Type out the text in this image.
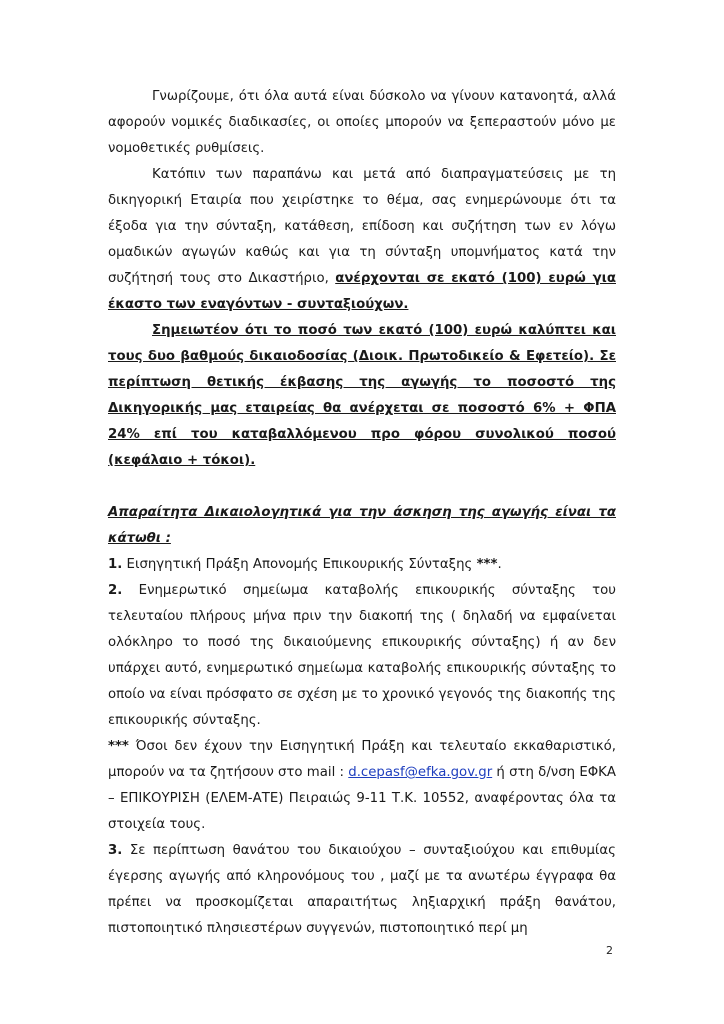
Γνωρίζουμε, ότι όλα αυτά είναι δύσκολο να γίνουν κατανοητά, αλλά αφορούν νομικές διαδικασίες, οι οποίες μπορούν να ξεπεραστούν μόνο με νομοθετικές ρυθμίσεις.

Κατόπιν των παραπάνω και μετά από διαπραγματεύσεις με τη δικηγορική Εταιρία που χειρίστηκε το θέμα, σας ενημερώνουμε ότι τα έξοδα για την σύνταξη, κατάθεση, επίδοση και συζήτηση των εν λόγω ομαδικών αγωγών καθώς και για τη σύνταξη υπομνήματος κατά την συζήτησή τους στο Δικαστήριο, ανέρχονται σε εκατό (100) ευρώ για έκαστο των εναγόντων - συνταξιούχων.

Σημειωτέον ότι το ποσό των εκατό (100) ευρώ καλύπτει και τους δυο βαθμούς δικαιοδοσίας (Διοικ. Πρωτοδικείο & Εφετείο). Σε περίπτωση θετικής έκβασης της αγωγής το ποσοστό της Δικηγορικής μας εταιρείας θα ανέρχεται σε ποσοστό 6% + ΦΠΑ 24% επί του καταβαλλόμενου προ φόρου συνολικού ποσού (κεφάλαιο + τόκοι).

Απαραίτητα Δικαιολογητικά για την άσκηση της αγωγής είναι τα κάτωθι :

1. Εισηγητική Πράξη Απονομής Επικουρικής Σύνταξης ***.

2. Ενημερωτικό σημείωμα καταβολής επικουρικής σύνταξης του τελευταίου πλήρους μήνα πριν την διακοπή της ( δηλαδή να εμφαίνεται ολόκληρο το ποσό της δικαιούμενης επικουρικής σύνταξης) ή αν δεν υπάρχει αυτό, ενημερωτικό σημείωμα καταβολής επικουρικής σύνταξης το οποίο να είναι πρόσφατο σε σχέση με το χρονικό γεγονός της διακοπής της επικουρικής σύνταξης.

*** Όσοι δεν έχουν την Εισηγητική Πράξη και τελευταίο εκκαθαριστικό, μπορούν να τα ζητήσουν στο mail : d.cepasf@efka.gov.gr ή στη δ/νση ΕΦΚΑ – ΕΠΙΚΟΥΡΙΣΗ (ΕΛΕΜ-ΑΤΕ) Πειραιώς 9-11 Τ.Κ. 10552, αναφέροντας όλα τα στοιχεία τους.

3. Σε περίπτωση θανάτου του δικαιούχου – συνταξιούχου και επιθυμίας έγερσης αγωγής από κληρονόμους του , μαζί με τα ανωτέρω έγγραφα θα πρέπει να προσκομίζεται απαραιτήτως ληξιαρχική πράξη θανάτου, πιστοποιητικό πλησιεστέρων συγγενών, πιστοποιητικό περί μη

2
